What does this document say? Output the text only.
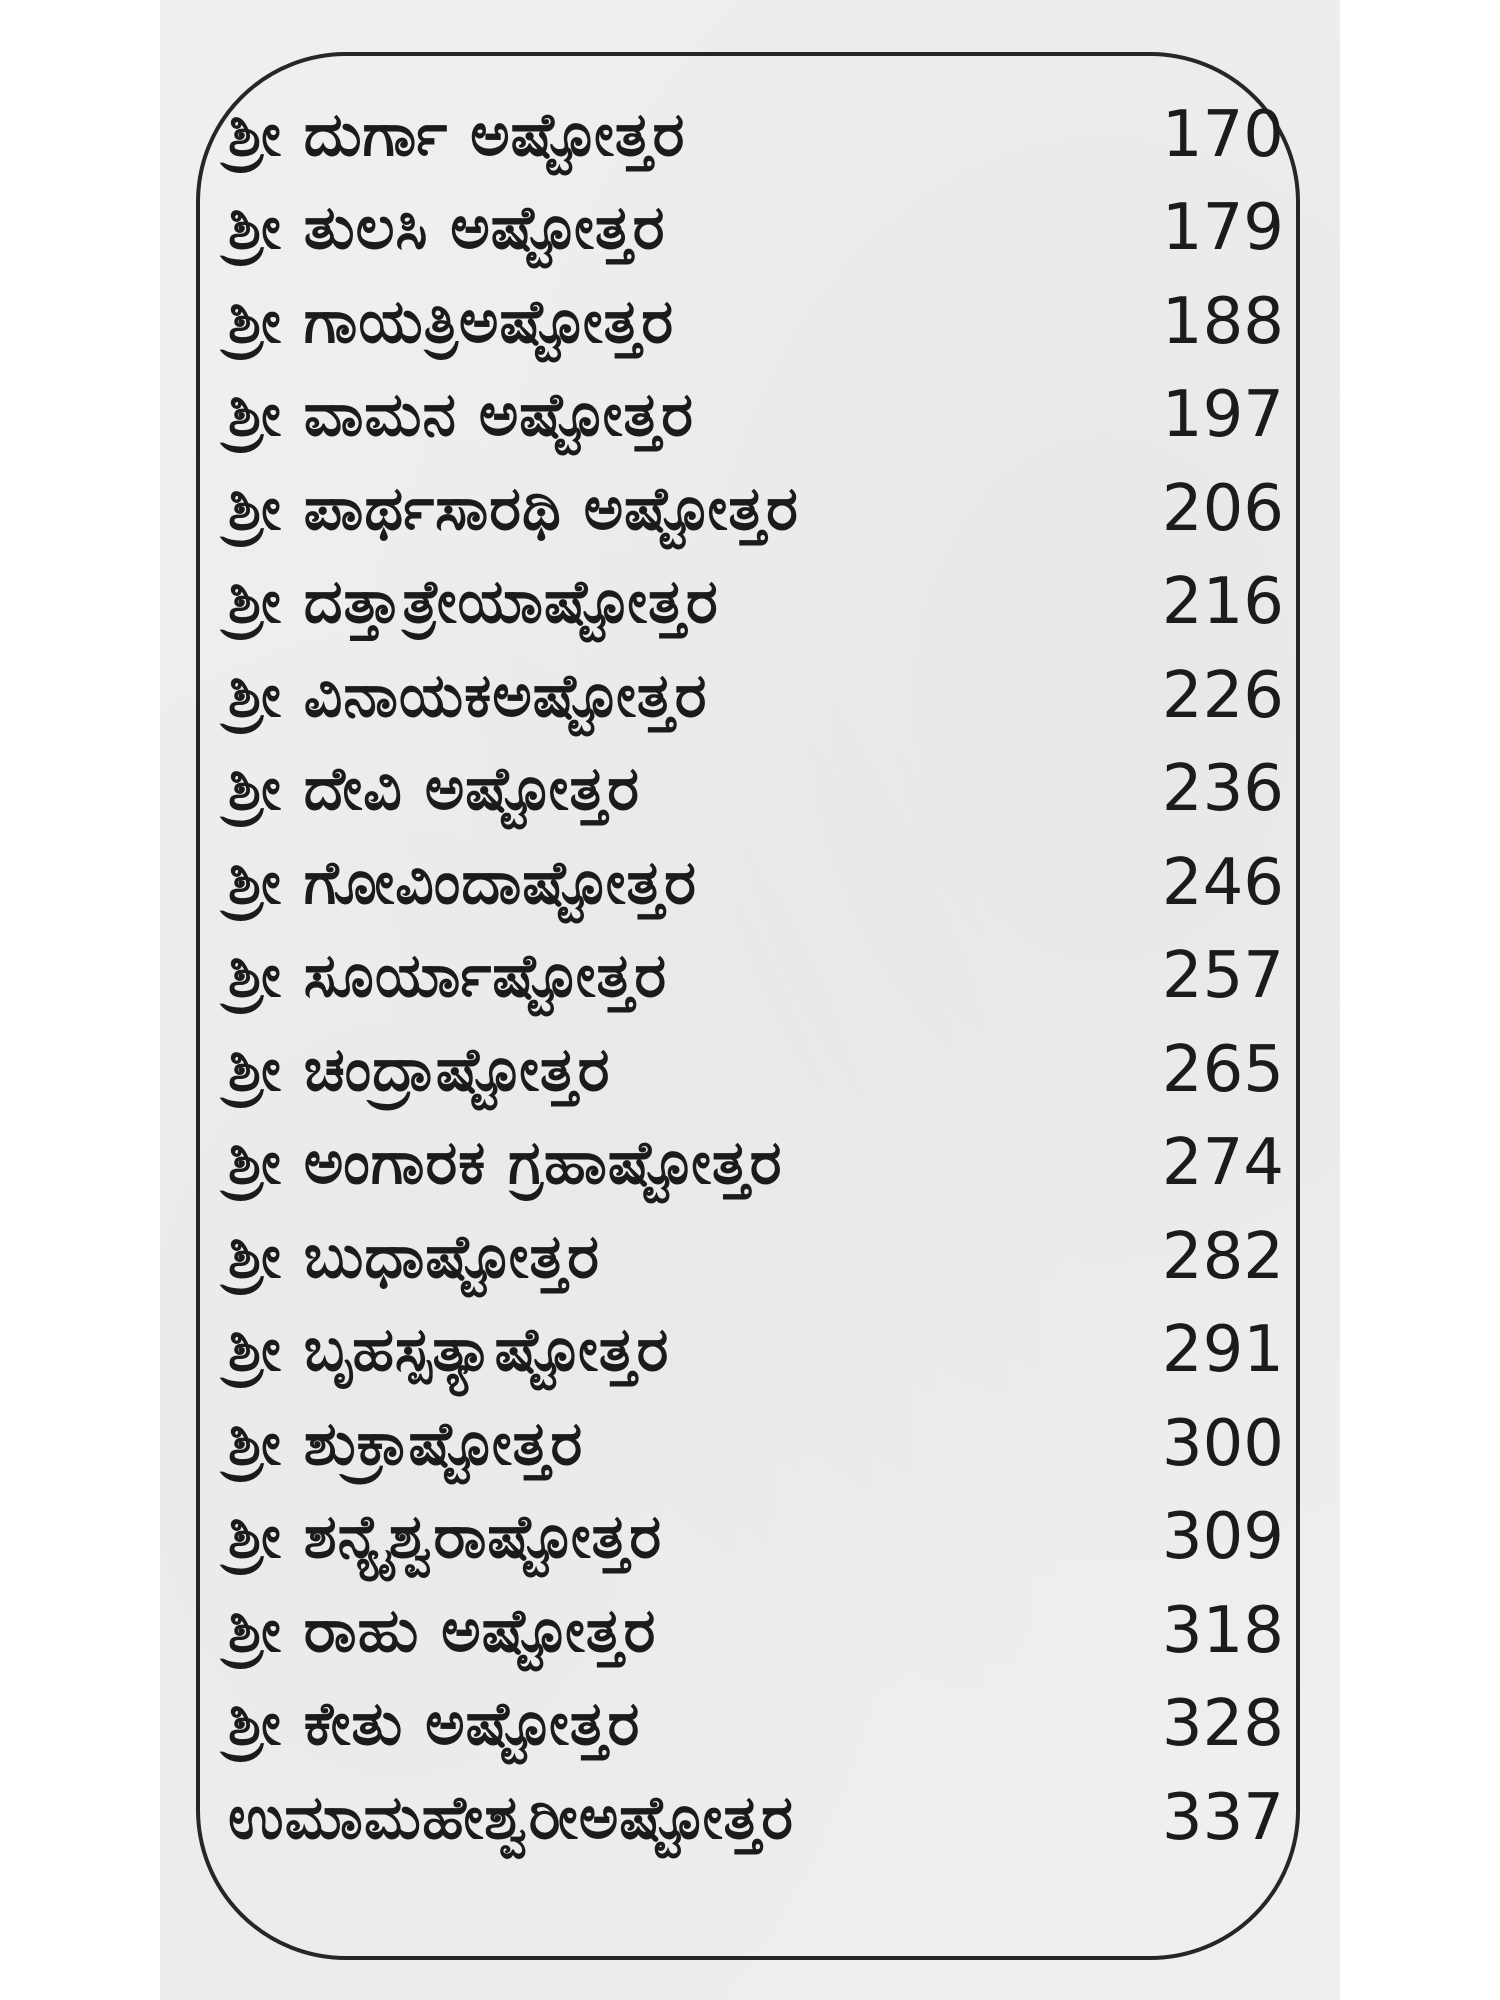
ಶ್ರೀ ದುರ್ಗಾ ಅಷ್ಟೋತ್ತರ	170
ಶ್ರೀ ತುಲಸಿ ಅಷ್ಟೋತ್ತರ	179
ಶ್ರೀ ಗಾಯತ್ರಿಅಷ್ಟೋತ್ತರ	188
ಶ್ರೀ ವಾಮನ ಅಷ್ಟೋತ್ತರ	197
ಶ್ರೀ ಪಾರ್ಥಸಾರಥಿ ಅಷ್ಟೋತ್ತರ	206
ಶ್ರೀ ದತ್ತಾತ್ರೇಯಾಷ್ಟೋತ್ತರ	216
ಶ್ರೀ ವಿನಾಯಕಅಷ್ಟೋತ್ತರ	226
ಶ್ರೀ ದೇವಿ ಅಷ್ಟೋತ್ತರ	236
ಶ್ರೀ ಗೋವಿಂದಾಷ್ಟೋತ್ತರ	246
ಶ್ರೀ ಸೂರ್ಯಾಷ್ಟೋತ್ತರ	257
ಶ್ರೀ ಚಂದ್ರಾಷ್ಟೋತ್ತರ	265
ಶ್ರೀ ಅಂಗಾರಕ ಗ್ರಹಾಷ್ಟೋತ್ತರ	274
ಶ್ರೀ ಬುಧಾಷ್ಟೋತ್ತರ	282
ಶ್ರೀ ಬೃಹಸ್ಪತ್ಯಾಷ್ಟೋತ್ತರ	291
ಶ್ರೀ ಶುಕ್ರಾಷ್ಟೋತ್ತರ	300
ಶ್ರೀ ಶನ್ಯೈಶ್ವರಾಷ್ಟೋತ್ತರ	309
ಶ್ರೀ ರಾಹು ಅಷ್ಟೋತ್ತರ	318
ಶ್ರೀ ಕೇತು ಅಷ್ಟೋತ್ತರ	328
ಉಮಾಮಹೇಶ್ವರೀಅಷ್ಟೋತ್ತರ	337
